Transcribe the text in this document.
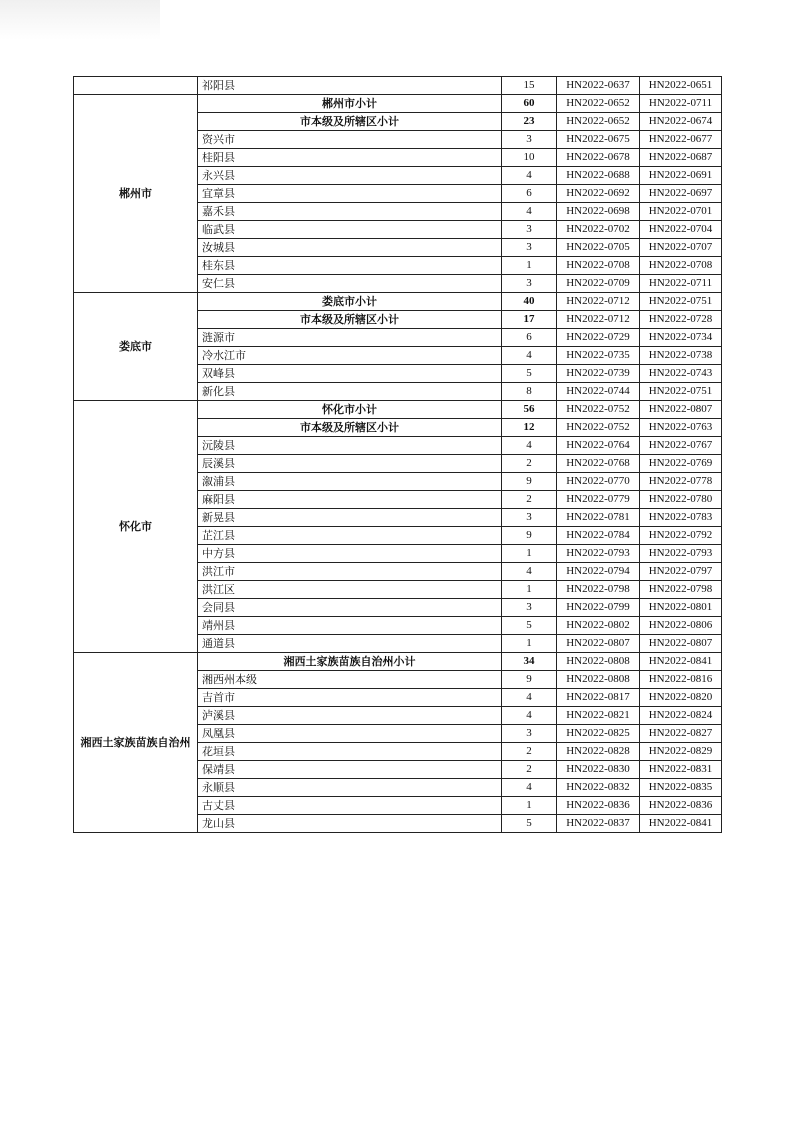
	祁阳县	15	HN2022-0637	HN2022-0651
郴州市	郴州市小计	60	HN2022-0652	HN2022-0711
	市本级及所辖区小计	23	HN2022-0652	HN2022-0674
	资兴市	3	HN2022-0675	HN2022-0677
	桂阳县	10	HN2022-0678	HN2022-0687
	永兴县	4	HN2022-0688	HN2022-0691
	宜章县	6	HN2022-0692	HN2022-0697
	嘉禾县	4	HN2022-0698	HN2022-0701
	临武县	3	HN2022-0702	HN2022-0704
	汝城县	3	HN2022-0705	HN2022-0707
	桂东县	1	HN2022-0708	HN2022-0708
	安仁县	3	HN2022-0709	HN2022-0711
娄底市	娄底市小计	40	HN2022-0712	HN2022-0751
	市本级及所辖区小计	17	HN2022-0712	HN2022-0728
	涟源市	6	HN2022-0729	HN2022-0734
	冷水江市	4	HN2022-0735	HN2022-0738
	双峰县	5	HN2022-0739	HN2022-0743
	新化县	8	HN2022-0744	HN2022-0751
怀化市	怀化市小计	56	HN2022-0752	HN2022-0807
	市本级及所辖区小计	12	HN2022-0752	HN2022-0763
	沅陵县	4	HN2022-0764	HN2022-0767
	辰溪县	2	HN2022-0768	HN2022-0769
	溆浦县	9	HN2022-0770	HN2022-0778
	麻阳县	2	HN2022-0779	HN2022-0780
	新晃县	3	HN2022-0781	HN2022-0783
	芷江县	9	HN2022-0784	HN2022-0792
	中方县	1	HN2022-0793	HN2022-0793
	洪江市	4	HN2022-0794	HN2022-0797
	洪江区	1	HN2022-0798	HN2022-0798
	会同县	3	HN2022-0799	HN2022-0801
	靖州县	5	HN2022-0802	HN2022-0806
	通道县	1	HN2022-0807	HN2022-0807
湘西土家族苗族自治州	湘西土家族苗族自治州小计	34	HN2022-0808	HN2022-0841
	湘西州本级	9	HN2022-0808	HN2022-0816
	吉首市	4	HN2022-0817	HN2022-0820
	泸溪县	4	HN2022-0821	HN2022-0824
	凤凰县	3	HN2022-0825	HN2022-0827
	花垣县	2	HN2022-0828	HN2022-0829
	保靖县	2	HN2022-0830	HN2022-0831
	永顺县	4	HN2022-0832	HN2022-0835
	古丈县	1	HN2022-0836	HN2022-0836
	龙山县	5	HN2022-0837	HN2022-0841
